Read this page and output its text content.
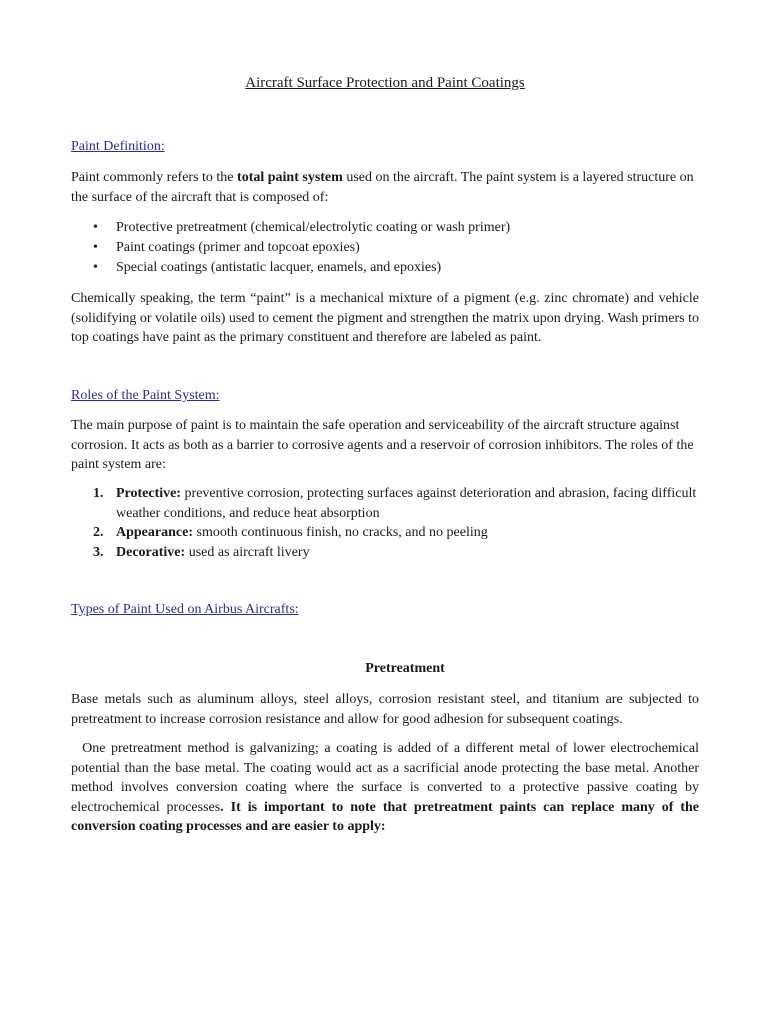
Aircraft Surface Protection and Paint Coatings
Paint Definition:

Paint commonly refers to the total paint system used on the aircraft. The paint system is a layered structure on the surface of the aircraft that is composed of:

• Protective pretreatment (chemical/electrolytic coating or wash primer)
• Paint coatings (primer and topcoat epoxies)
• Special coatings (antistatic lacquer, enamels, and epoxies)

Chemically speaking, the term “paint” is a mechanical mixture of a pigment (e.g. zinc chromate) and vehicle (solidifying or volatile oils) used to cement the pigment and strengthen the matrix upon drying. Wash primers to top coatings have paint as the primary constituent and therefore are labeled as paint.

Roles of the Paint System:

The main purpose of paint is to maintain the safe operation and serviceability of the aircraft structure against corrosion. It acts as both as a barrier to corrosive agents and a reservoir of corrosion inhibitors. The roles of the paint system are:

1. Protective: preventive corrosion, protecting surfaces against deterioration and abrasion, facing difficult weather conditions, and reduce heat absorption
2. Appearance: smooth continuous finish, no cracks, and no peeling
3. Decorative: used as aircraft livery
Types of Paint Used on Airbus Aircrafts:
Pretreatment

Base metals such as aluminum alloys, steel alloys, corrosion resistant steel, and titanium are subjected to pretreatment to increase corrosion resistance and allow for good adhesion for subsequent coatings.

One pretreatment method is galvanizing; a coating is added of a different metal of lower electrochemical potential than the base metal. The coating would act as a sacrificial anode protecting the base metal. Another method involves conversion coating where the surface is converted to a protective passive coating by electrochemical processes. It is important to note that pretreatment paints can replace many of the conversion coating processes and are easier to apply:
